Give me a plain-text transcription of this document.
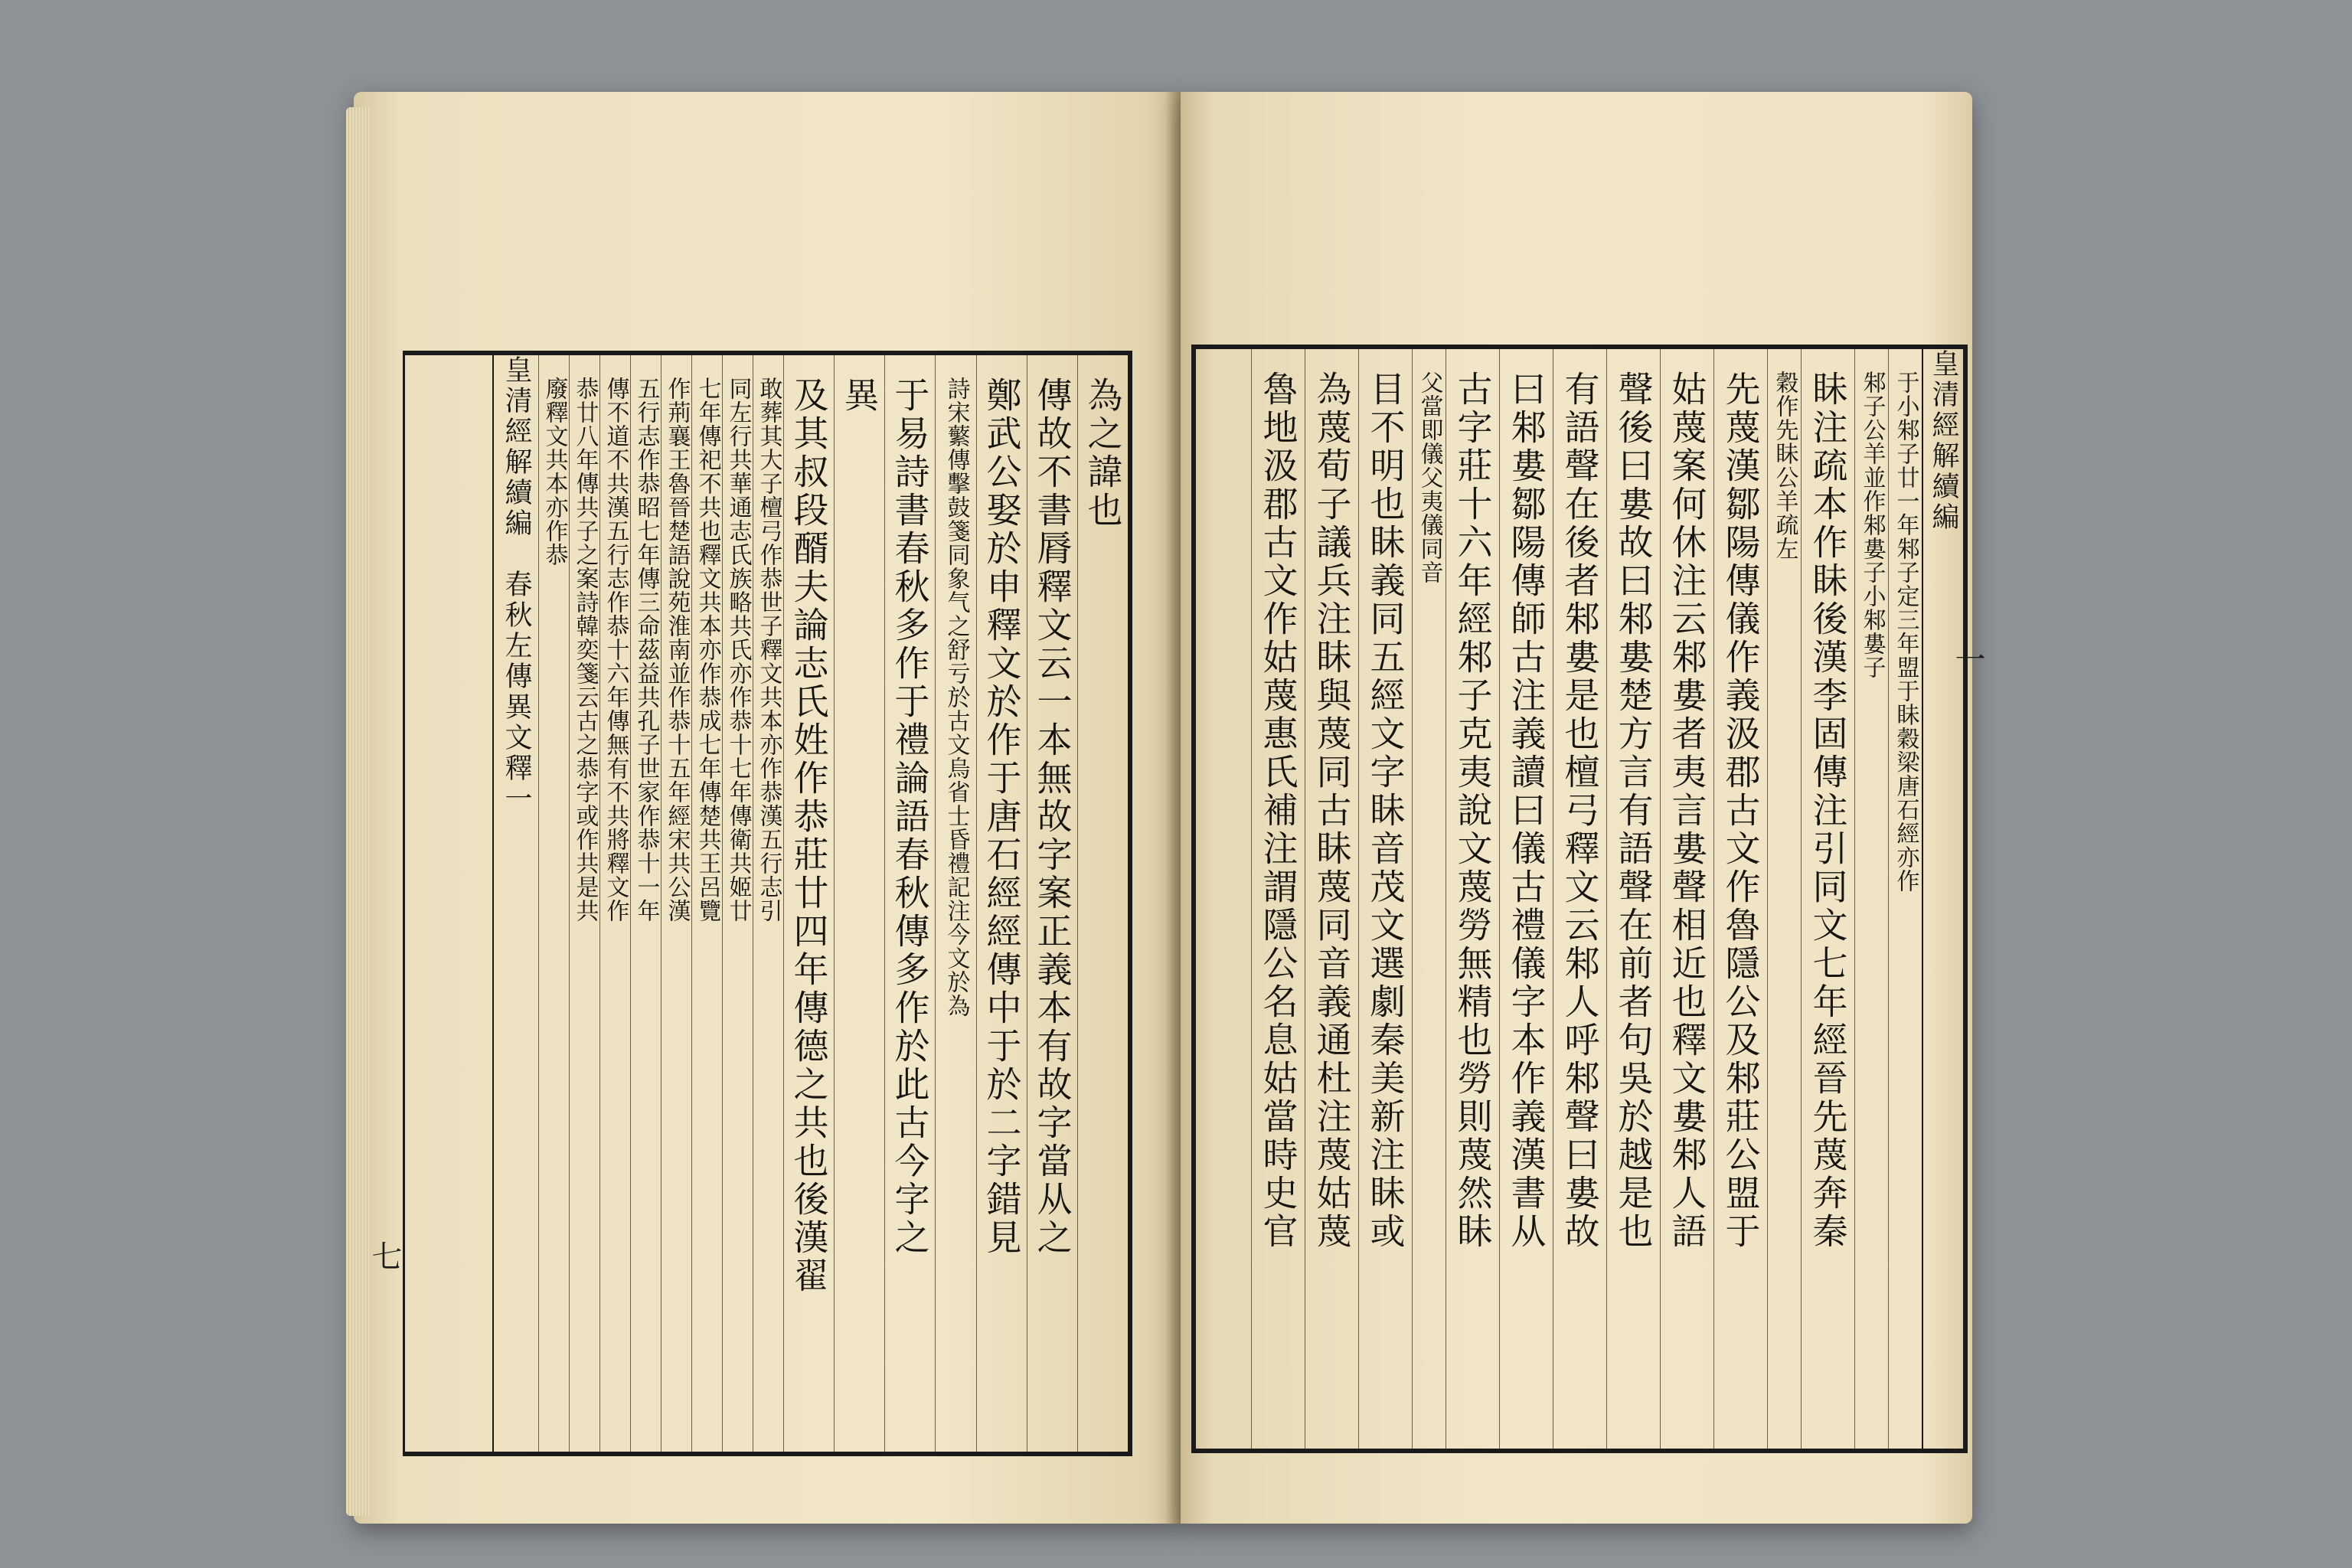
為之諱也
傳故不書脣釋文云一本無故字案正義本有故字當从之
鄭武公娶於申釋文於作于唐石經經傳中于於二字錯見
詩宋蘩傳擊鼓箋同象气之舒亏於古文烏省士昏禮記注今文於為
于易詩書春秋多作于禮論語春秋傳多作於此古今字之
異
及其叔段醑夫論志氏姓作恭莊廿四年傳德之共也後漢翟
敢葬其大子檀弓作恭世子釋文共本亦作恭漢五行志引
同左行共華通志氏族略共氏亦作恭十七年傳衛共姬廿
七年傳祀不共也釋文共本亦作恭成七年傳楚共王呂覽
作荊襄王魯晉楚語說苑淮南並作恭十五年經宋共公漢
五行志作恭昭七年傳三命茲益共孔子世家作恭十一年
傳不道不共漢五行志作恭十六年傳無有不共將釋文作
恭廿八年傳共子之案詩韓奕箋云古之恭字或作共是共
廢釋文共本亦作恭
皇清經解續編
春秋左傳異文釋一
七
皇清經解續編
于小邾子廿一年邾子定三年盟于眛穀梁唐石經亦作
邾子公羊並作邾婁子小邾婁子
眛注疏本作眛後漢李固傳注引同文七年經晉先蔑奔秦
穀作先眛公羊疏左
先蔑漢鄒陽傳儀作義汲郡古文作魯隱公及邾莊公盟于
姑蔑案何休注云邾婁者夷言婁聲相近也釋文婁邾人語
聲後曰婁故曰邾婁楚方言有語聲在前者句吳於越是也
有語聲在後者邾婁是也檀弓釋文云邾人呼邾聲曰婁故
曰邾婁鄒陽傳師古注義讀曰儀古禮儀字本作義漢書从
古字莊十六年經邾子克夷說文蔑勞無精也勞則蔑然眛
父當即儀父夷儀同音
目不明也眛義同五經文字眛音茂文選劇秦美新注眛或
為蔑荀子議兵注眛與蔑同古眛蔑同音義通杜注蔑姑蔑
魯地汲郡古文作姑蔑惠氏補注謂隱公名息姑當時史官	一
